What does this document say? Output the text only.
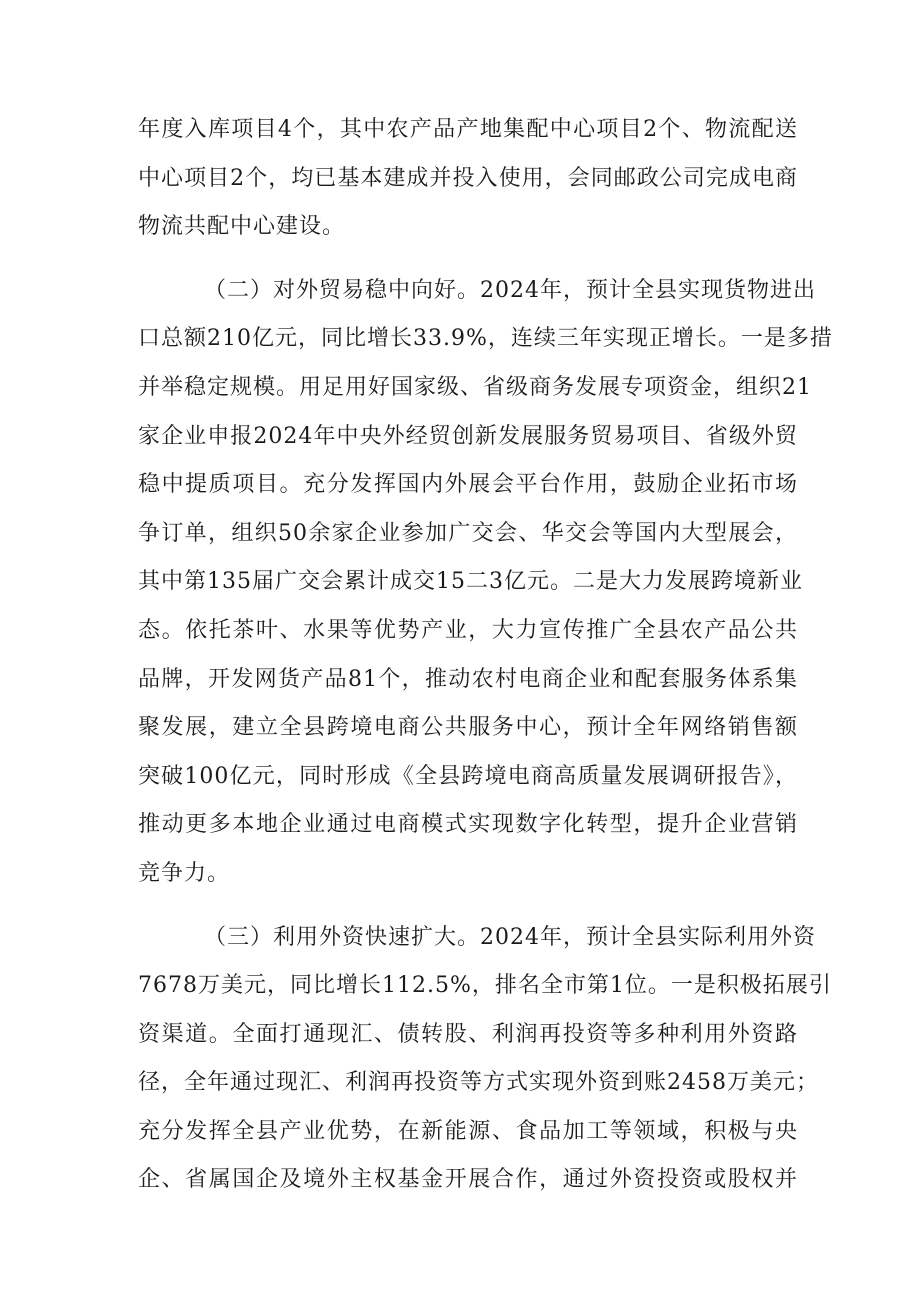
年度入库项目4个，其中农产品产地集配中心项目2个、物流配送
中心项目2个，均已基本建成并投入使用，会同邮政公司完成电商
物流共配中心建设。
（二）对外贸易稳中向好。2024年，预计全县实现货物进出
口总额210亿元，同比增长33.9%，连续三年实现正增长。一是多措
并举稳定规模。用足用好国家级、省级商务发展专项资金，组织21
家企业申报2024年中央外经贸创新发展服务贸易项目、省级外贸
稳中提质项目。充分发挥国内外展会平台作用，鼓励企业拓市场
争订单，组织50余家企业参加广交会、华交会等国内大型展会，
其中第135届广交会累计成交15二3亿元。二是大力发展跨境新业
态。依托茶叶、水果等优势产业，大力宣传推广全县农产品公共
品牌，开发网货产品81个，推动农村电商企业和配套服务体系集
聚发展，建立全县跨境电商公共服务中心，预计全年网络销售额
突破100亿元，同时形成《全县跨境电商高质量发展调研报告》，
推动更多本地企业通过电商模式实现数字化转型，提升企业营销
竞争力。
（三）利用外资快速扩大。2024年，预计全县实际利用外资
7678万美元，同比增长112.5%，排名全市第1位。一是积极拓展引
资渠道。全面打通现汇、债转股、利润再投资等多种利用外资路
径，全年通过现汇、利润再投资等方式实现外资到账2458万美元；
充分发挥全县产业优势，在新能源、食品加工等领域，积极与央
企、省属国企及境外主权基金开展合作，通过外资投资或股权并
